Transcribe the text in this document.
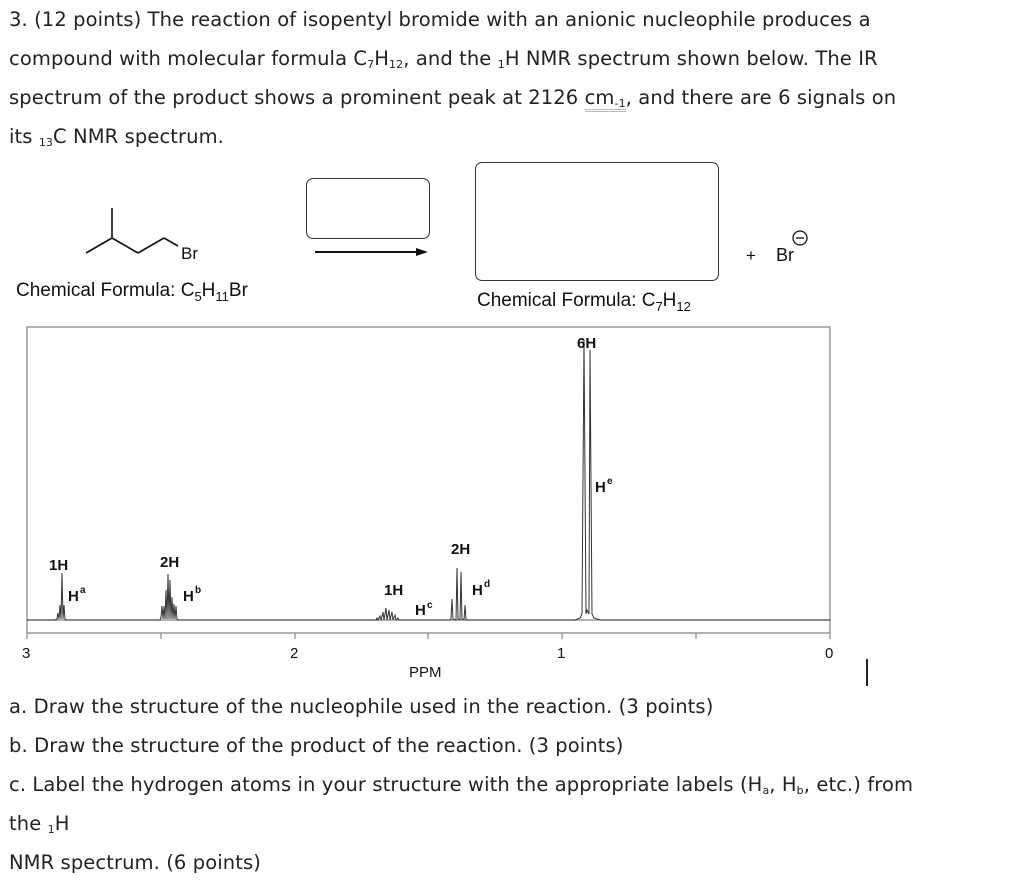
3. (12 points) The reaction of isopentyl bromide with an anionic nucleophile produces a
compound with molecular formula $C_7H_{12}$, and the 1H NMR spectrum shown below. The IR
spectrum of the product shows a prominent peak at 2126 $cm_{-1}$, and there are 6 signals on
its 13C NMR spectrum.
Br
Chemical Formula: $C_5H_{11}Br$	Chemical Formula: $C_7H_{12}$
+ Br
3	2	1	0
PPM
1H
H a
2H
H b	1H
H c
2H
H d
6H
H e
a. Draw the structure of the nucleophile used in the reaction. (3 points)
b. Draw the structure of the product of the reaction. (3 points)
c. Label the hydrogen atoms in your structure with the appropriate labels ($H_a$, $H_b$, etc.) from
the 1H
NMR spectrum. (6 points)
